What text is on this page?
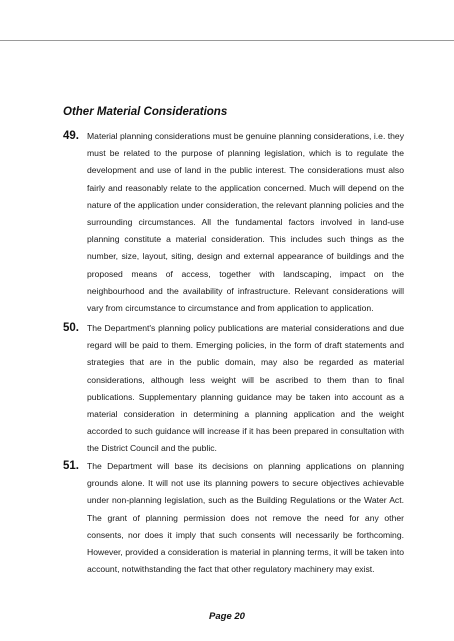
Other Material Considerations
49. Material planning considerations must be genuine planning considerations, i.e. they must be related to the purpose of planning legislation, which is to regulate the development and use of land in the public interest. The considerations must also fairly and reasonably relate to the application concerned. Much will depend on the nature of the application under consideration, the relevant planning policies and the surrounding circumstances. All the fundamental factors involved in land-use planning constitute a material consideration. This includes such things as the number, size, layout, siting, design and external appearance of buildings and the proposed means of access, together with landscaping, impact on the neighbourhood and the availability of infrastructure. Relevant considerations will vary from circumstance to circumstance and from application to application.

50. The Department's planning policy publications are material considerations and due regard will be paid to them. Emerging policies, in the form of draft statements and strategies that are in the public domain, may also be regarded as material considerations, although less weight will be ascribed to them than to final publications. Supplementary planning guidance may be taken into account as a material consideration in determining a planning application and the weight accorded to such guidance will increase if it has been prepared in consultation with the District Council and the public.

51. The Department will base its decisions on planning applications on planning grounds alone. It will not use its planning powers to secure objectives achievable under non-planning legislation, such as the Building Regulations or the Water Act. The grant of planning permission does not remove the need for any other consents, nor does it imply that such consents will necessarily be forthcoming. However, provided a consideration is material in planning terms, it will be taken into account, notwithstanding the fact that other regulatory machinery may exist.

Page 20
